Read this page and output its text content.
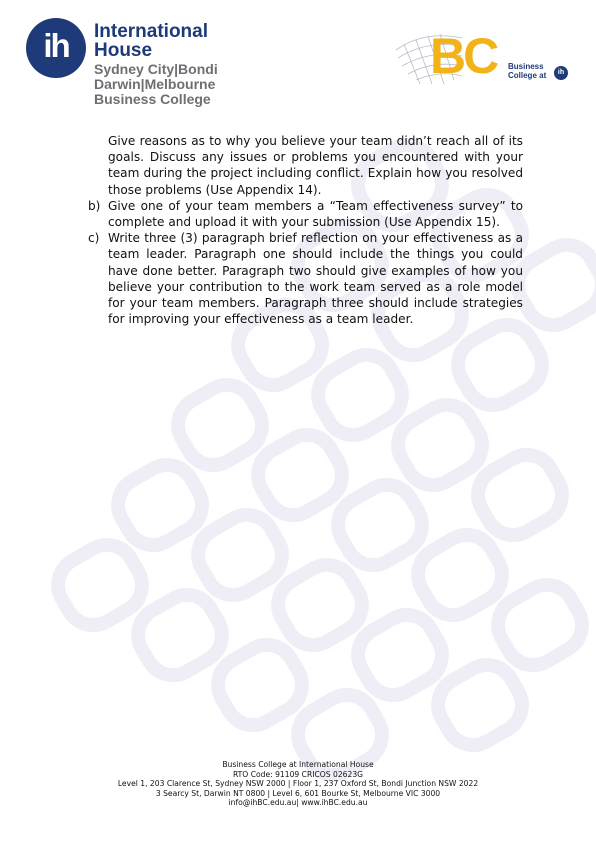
ih	International
House
Sydney City|Bondi
Darwin|Melbourne
Business College
BC Business
College at	ih

Give reasons as to why you believe your team didn’t reach all of its goals. Discuss any issues or problems you encountered with your team during the project including conflict. Explain how you resolved those problems (Use Appendix 14).

b) Give one of your team members a “Team effectiveness survey” to complete and upload it with your submission (Use Appendix 15).
c) Write three (3) paragraph brief reflection on your effectiveness as a team leader. Paragraph one should include the things you could have done better. Paragraph two should give examples of how you believe your contribution to the work team served as a role model for your team members. Paragraph three should include strategies for improving your effectiveness as a team leader.
Business College at International House
RTO Code: 91109 CRICOS 02623G
Level 1, 203 Clarence St, Sydney NSW 2000 | Floor 1, 237 Oxford St, Bondi Junction NSW 2022
3 Searcy St, Darwin NT 0800 | Level 6, 601 Bourke St, Melbourne VIC 3000
info@ihBC.edu.au| www.ihBC.edu.au
